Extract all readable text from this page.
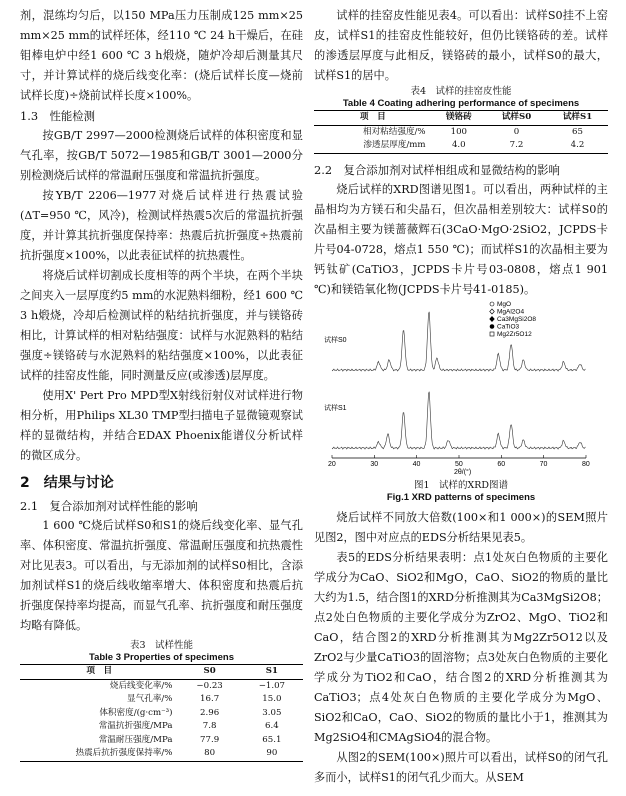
剂，混练均匀后，以150 MPa压力压制成125 mm×25 mm×25 mm的试样坯体，经110 ℃ 24 h干燥后，在硅钼棒电炉中经1 600 ℃ 3 h煅烧，随炉冷却后测量其尺寸，并计算试样的烧后线变化率：(烧后试样长度—烧前试样长度)÷烧前试样长度×100%。

1.3　性能检测

按GB/T 2997—2000检测烧后试样的体积密度和显气孔率，按GB/T 5072—1985和GB/T 3001—2000分别检测烧后试样的常温耐压强度和常温抗折强度。

按YB/T 2206—1977对烧后试样进行热震试验(ΔT=950 ℃，风冷)，检测试样热震5次后的常温抗折强度，并计算其抗折强度保持率：热震后抗折强度÷热震前抗折强度×100%，以此表征试样的抗热震性。

将烧后试样切割成长度相等的两个半块，在两个半块之间夹入一层厚度约5 mm的水泥熟料细粉，经1 600 ℃ 3 h煅烧，冷却后检测试样的粘结抗折强度，并与镁铬砖相比，计算试样的相对粘结强度：试样与水泥熟料的粘结强度÷镁铬砖与水泥熟料的粘结强度×100%，以此表征试样的挂窑皮性能，同时测量反应(或渗透)层厚度。

使用X' Pert Pro MPD型X射线衍射仪对试样进行物相分析，用Philips XL30 TMP型扫描电子显微镜观察试样的显微结构，并结合EDAX Phoenix能谱仪分析试样的微区成分。

2　结果与讨论

2.1　复合添加剂对试样性能的影响

1 600 ℃烧后试样S0和S1的烧后线变化率、显气孔率、体积密度、常温抗折强度、常温耐压强度和抗热震性对比见表3。可以看出，与无添加剂的试样S0相比，含添加剂试样S1的烧后线收缩率增大、体积密度和热震后抗折强度保持率均提高，而显气孔率、抗折强度和耐压强度均略有降低。

表3　试样性能

Table 3 Properties of specimens

项　目	S0	S1
烧后线变化率/%	−0.23	−1.07
显气孔率/%	16.7	15.0
体积密度/(g·cm⁻³)	2.96	3.05
常温抗折强度/MPa	7.8	6.4
常温耐压强度/MPa	77.9	65.1
热震后抗折强度保持率/%	80	90

试样的挂窑皮性能见表4。可以看出：试样S0挂不上窑皮，试样S1的挂窑皮性能较好，但仍比镁铬砖的差。试样的渗透层厚度与此相反，镁铬砖的最小，试样S0的最大，试样S1的居中。

表4　试样的挂窑皮性能

Table 4 Coating adhering performance of specimens

项　目	镁铬砖	试样S0	试样S1
相对粘结强度/%	100	0	65
渗透层厚度/mm	4.0	7.2	4.2

2.2　复合添加剂对试样相组成和显微结构的影响

烧后试样的XRD图谱见图1。可以看出，两种试样的主晶相均为方镁石和尖晶石，但次晶相差别较大：试样S0的次晶相主要为镁蔷薇辉石(3CaO·MgO·2SiO2，JCPDS卡片号04-0728，熔点1 550 ℃)；而试样S1的次晶相主要为钙钛矿(CaTiO3，JCPDS卡片号03-0808，熔点1 901 ℃)和镁锆氧化物(JCPDS卡片号41-0185)。

试样S0
试样S1
MgO
MgAl2O4
Ca3MgSi2O8
CaTiO3
Mg2Zr5O12
20	30	40	50	60	70	80
2θ/(°)

图1　试样的XRD图谱

Fig.1 XRD patterns of specimens

烧后试样不同放大倍数(100×和1 000×)的SEM照片见图2，图中对应点的EDS分析结果见表5。

表5的EDS分析结果表明：点1处灰白色物质的主要化学成分为CaO、SiO2和MgO，CaO、SiO2的物质的量比大约为1.5，结合图1的XRD分析推测其为Ca3MgSi2O8；点2处白色物质的主要化学成分为ZrO2、MgO、TiO2和CaO，结合图2的XRD分析推测其为Mg2Zr5O12以及ZrO2与少量CaTiO3的固溶物；点3处灰白色物质的主要化学成分为TiO2和CaO，结合图2的XRD分析推测其为CaTiO3；点4处灰白色物质的主要化学成分为MgO、SiO2和CaO，CaO、SiO2的物质的量比小于1，推测其为Mg2SiO4和CMAgSiO4的混合物。

从图2的SEM(100×)照片可以看出，试样S0的闭气孔多而小，试样S1的闭气孔少而大。从SEM
